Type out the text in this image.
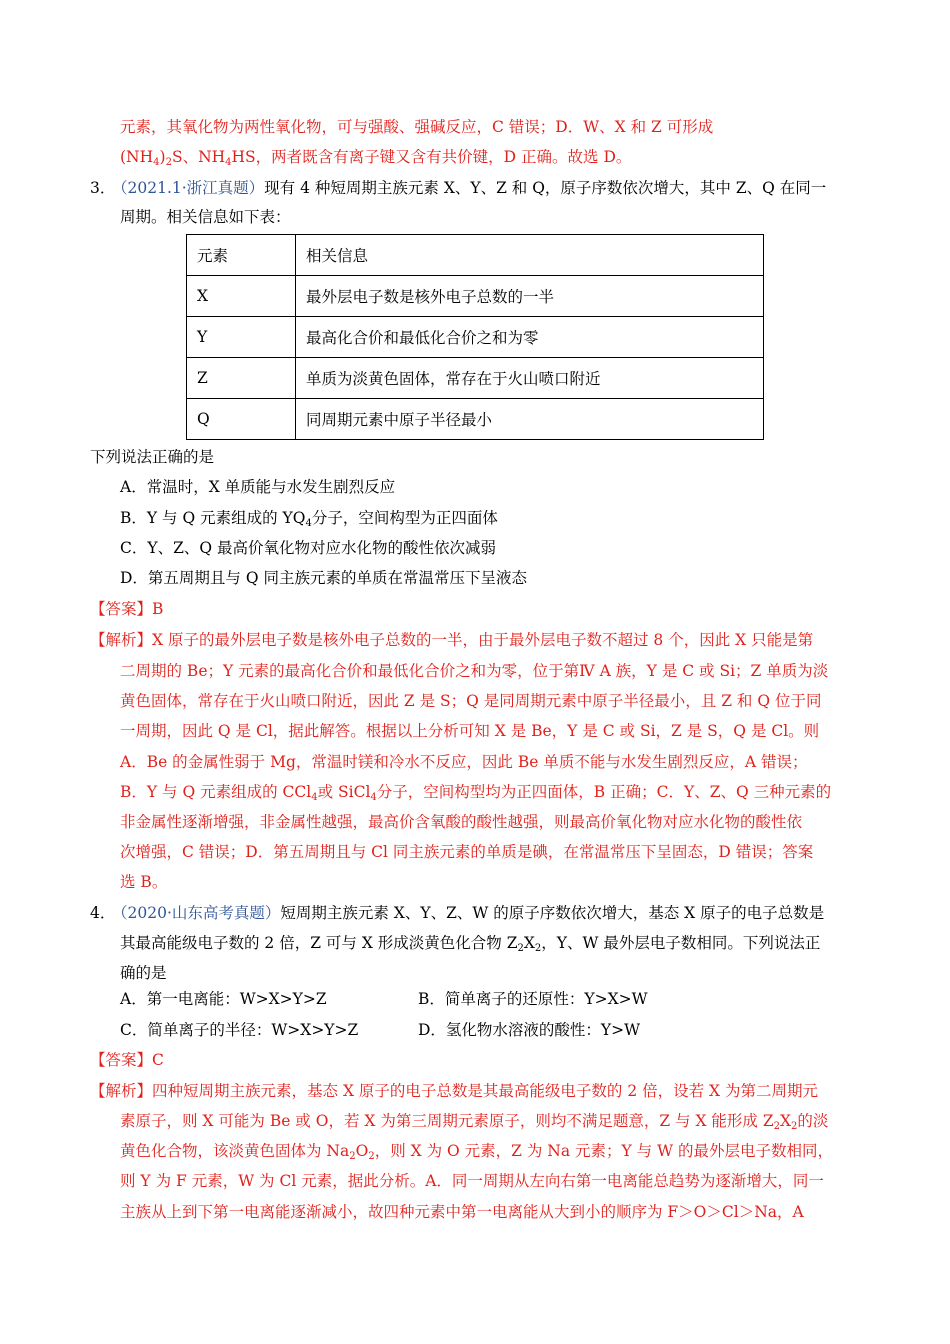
元素，其氧化物为两性氧化物，可与强酸、强碱反应，C 错误；D．W、X 和 Z 可形成
$(NH_4)_2S$、$NH_4HS$，两者既含有离子键又含有共价键，D 正确。故选 D。
3．
（2021.1·浙江真题）现有 4 种短周期主族元素 X、Y、Z 和 Q，原子序数依次增大，其中 Z、Q 在同一
周期。相关信息如下表：
元素	相关信息
X	最外层电子数是核外电子总数的一半
Y	最高化合价和最低化合价之和为零
Z	单质为淡黄色固体，常存在于火山喷口附近
Q	同周期元素中原子半径最小
下列说法正确的是
A．常温时，X 单质能与水发生剧烈反应
B．Y 与 Q 元素组成的 $YQ_4$分子，空间构型为正四面体
C．Y、Z、Q 最高价氧化物对应水化物的酸性依次减弱
D．第五周期且与 Q 同主族元素的单质在常温常压下呈液态
【答案】B
【解析】X 原子的最外层电子数是核外电子总数的一半，由于最外层电子数不超过 8 个，因此 X 只能是第
二周期的 Be；Y 元素的最高化合价和最低化合价之和为零，位于第Ⅳ A 族，Y 是 C 或 Si；Z 单质为淡
黄色固体，常存在于火山喷口附近，因此 Z 是 S；Q 是同周期元素中原子半径最小，且 Z 和 Q 位于同
一周期，因此 Q 是 Cl，据此解答。根据以上分析可知 X 是 Be，Y 是 C 或 Si，Z 是 S，Q 是 Cl。则
A．Be 的金属性弱于 Mg，常温时镁和冷水不反应，因此 Be 单质不能与水发生剧烈反应，A 错误；
B．Y 与 Q 元素组成的 CCl$_4$或 SiCl$_4$分子，空间构型均为正四面体，B 正确；C．Y、Z、Q 三种元素的
非金属性逐渐增强，非金属性越强，最高价含氧酸的酸性越强，则最高价氧化物对应水化物的酸性依
次增强，C 错误；D．第五周期且与 Cl 同主族元素的单质是碘，在常温常压下呈固态，D 错误；答案
选 B。
4．
（2020·山东高考真题）短周期主族元素 X、Y、Z、W 的原子序数依次增大，基态 X 原子的电子总数是
其最高能级电子数的 2 倍，Z 可与 X 形成淡黄色化合物 $Z_2X_2$，Y、W 最外层电子数相同。下列说法正
确的是
A．第一电离能：W>X>Y>Z	B．简单离子的还原性：Y>X>W
C．简单离子的半径：W>X>Y>Z	D．氢化物水溶液的酸性：Y>W
【答案】C
【解析】四种短周期主族元素，基态 X 原子的电子总数是其最高能级电子数的 2 倍，设若 X 为第二周期元
素原子，则 X 可能为 Be 或 O，若 X 为第三周期元素原子，则均不满足题意，Z 与 X 能形成 $Z_2X_2$的淡
黄色化合物，该淡黄色固体为 $Na_2O_2$，则 X 为 O 元素，Z 为 Na 元素；Y 与 W 的最外层电子数相同，
则 Y 为 F 元素，W 为 Cl 元素，据此分析。A．同一周期从左向右第一电离能总趋势为逐渐增大，同一
主族从上到下第一电离能逐渐减小，故四种元素中第一电离能从大到小的顺序为 F＞O＞Cl＞Na，A
